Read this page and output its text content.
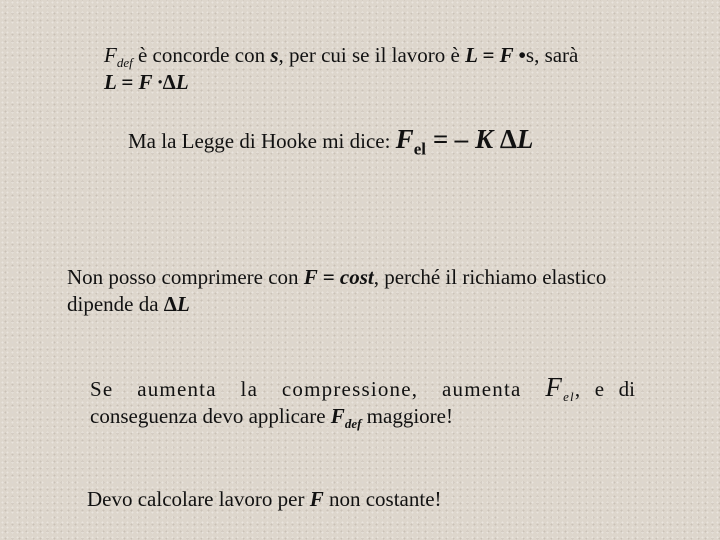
$F_{def}$ è concorde con s, per cui se il lavoro è L = F •s, sarà
L = F ·ΔL
Ma la Legge di Hooke mi dice: $F_{el}$ = – K ΔL
Non posso comprimere con F = cost, perché il richiamo elastico dipende da ΔL
Se aumenta la compressione, aumenta $F_{el}$, e di conseguenza devo applicare $F_{def}$ maggiore!
Devo calcolare lavoro per F non costante!
